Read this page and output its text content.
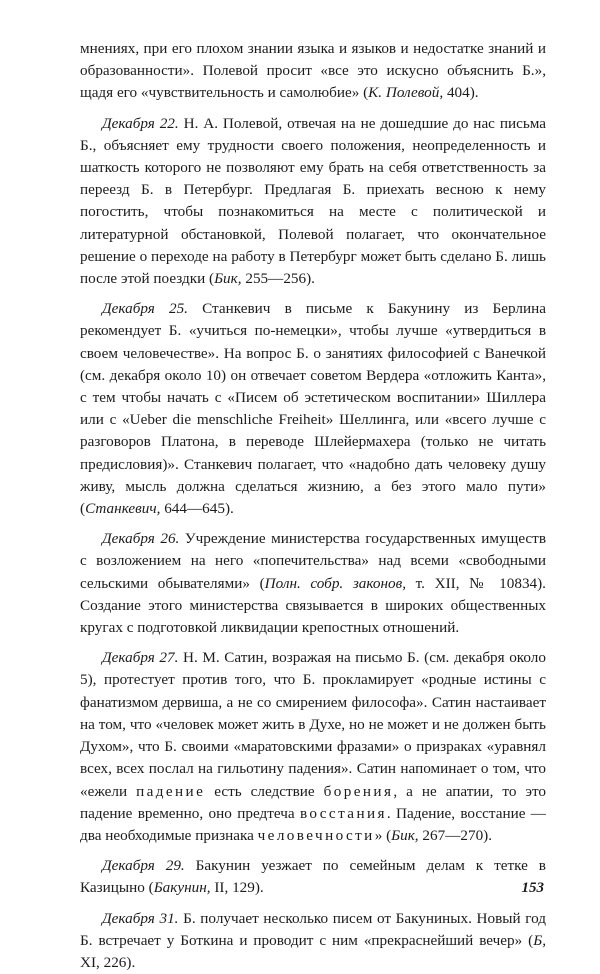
мнениях, при его плохом знании языка и языков и недостатке знаний и образованности». Полевой просит «все это искусно объяснить Б.», щадя его «чувствительность и самолюбие» (К. Полевой, 404).

Декабря 22. Н. А. Полевой, отвечая на не дошедшие до нас письма Б., объясняет ему трудности своего положения, неопределенность и шаткость которого не позволяют ему брать на себя ответственность за переезд Б. в Петербург. Предлагая Б. приехать весною к нему погостить, чтобы познакомиться на месте с политической и литературной обстановкой, Полевой полагает, что окончательное решение о переходе на работу в Петербург может быть сделано Б. лишь после этой поездки (Бик, 255—256).

Декабря 25. Станкевич в письме к Бакунину из Берлина рекомендует Б. «учиться по-немецки», чтобы лучше «утвердиться в своем человечестве». На вопрос Б. о занятиях философией с Ванечкой (см. декабря около 10) он отвечает советом Вердера «отложить Канта», с тем чтобы начать с «Писем об эстетическом воспитании» Шиллера или с «Ueber die menschliche Freiheit» Шеллинга, или «всего лучше с разговоров Платона, в переводе Шлейермахера (только не читать предисловия)». Станкевич полагает, что «надобно дать человеку душу живу, мысль должна сделаться жизнию, а без этого мало пути» (Станкевич, 644—645).

Декабря 26. Учреждение министерства государственных имуществ с возложением на него «попечительства» над всеми «свободными сельскими обывателями» (Полн. собр. законов, т. XII, № 10834). Создание этого министерства связывается в широких общественных кругах с подготовкой ликвидации крепостных отношений.

Декабря 27. Н. М. Сатин, возражая на письмо Б. (см. декабря около 5), протестует против того, что Б. прокламирует «родные истины с фанатизмом дервиша, а не со смирением философа». Сатин настаивает на том, что «человек может жить в Духе, но не может и не должен быть Духом», что Б. своими «маратовскими фразами» о призраках «уравнял всех, всех послал на гильотину падения». Сатин напоминает о том, что «ежели падение есть следствие борения, а не апатии, то это падение временно, оно предтеча восстания. Падение, восстание — два необходимые признака человечности» (Бик, 267—270).

Декабря 29. Бакунин уезжает по семейным делам к тетке в Казицыно (Бакунин, II, 129).

Декабря 31. Б. получает несколько писем от Бакуниных. Новый год Б. встречает у Боткина и проводит с ним «прекраснейший вечер» (Б, XI, 226).

153
